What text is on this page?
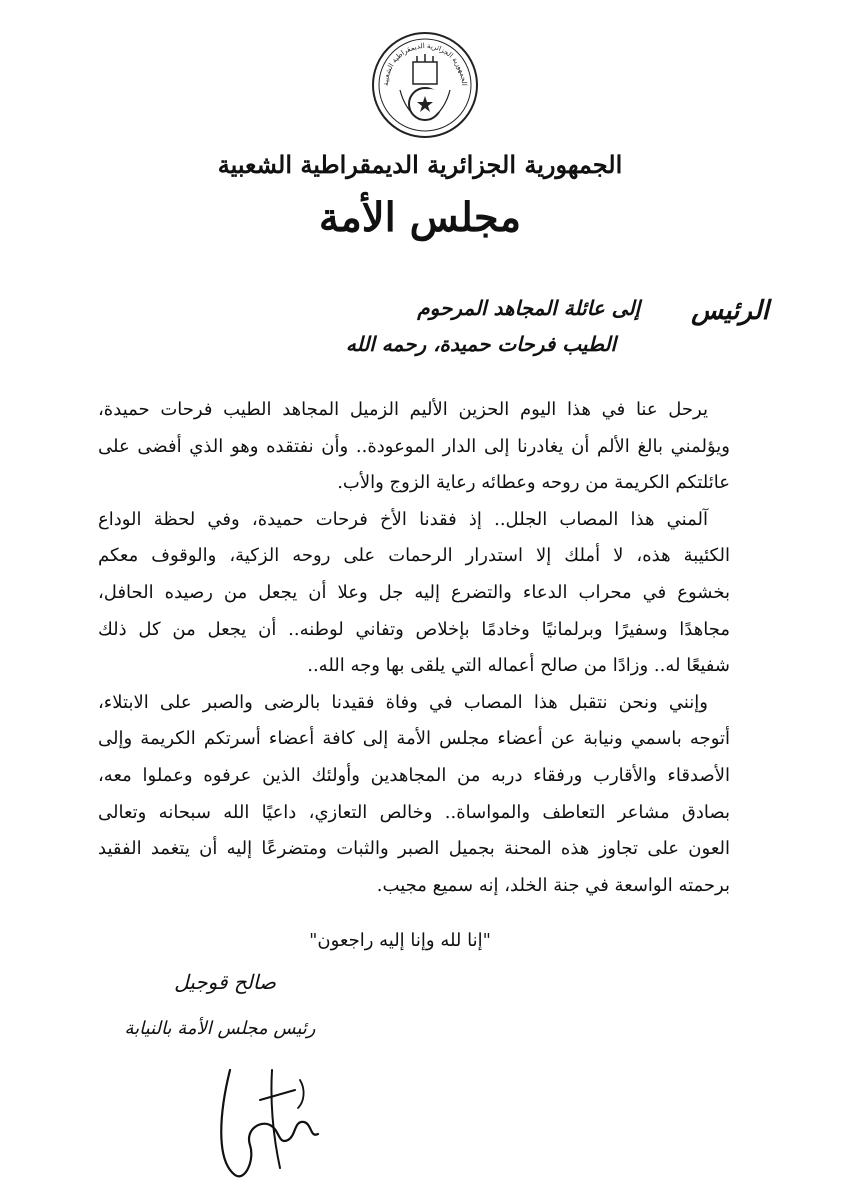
الجمهورية الجزائرية الديمقراطية الشعبية
الجمهورية الجزائرية الديمقراطية الشعبية
مجلس الأمة
الرئيس
إلى عائلة المجاهد المرحوم
الطيب فرحات حميدة، رحمه الله
يرحل عنا في هذا اليوم الحزين الأليم الزميل المجاهد الطيب فرحات حميدة،
ويؤلمني بالغ الألم أن يغادرنا إلى الدار الموعودة.. وأن نفتقده وهو الذي أفضى على
عائلتكم الكريمة من روحه وعطائه رعاية الزوج والأب.
آلمني هذا المصاب الجلل.. إذ فقدنا الأخ فرحات حميدة، وفي لحظة الوداع
الكئيبة هذه، لا أملك إلا استدرار الرحمات على روحه الزكية، والوقوف معكم
بخشوع في محراب الدعاء والتضرع إليه جل وعلا أن يجعل من رصيده الحافل،
مجاهدًا وسفيرًا وبرلمانيًا وخادمًا بإخلاص وتفاني لوطنه.. أن يجعل من كل ذلك
شفيعًا له.. وزادًا من صالح أعماله التي يلقى بها وجه الله..
وإنني ونحن نتقبل هذا المصاب في وفاة فقيدنا بالرضى والصبر على الابتلاء،
أتوجه باسمي ونيابة عن أعضاء مجلس الأمة إلى كافة أعضاء أسرتكم الكريمة وإلى
الأصدقاء والأقارب ورفقاء دربه من المجاهدين وأولئك الذين عرفوه وعملوا معه،
بصادق مشاعر التعاطف والمواساة.. وخالص التعازي، داعيًا الله سبحانه وتعالى
العون على تجاوز هذه المحنة بجميل الصبر والثبات ومتضرعًا إليه أن يتغمد الفقيد
برحمته الواسعة في جنة الخلد، إنه سميع مجيب.
"إنا لله وإنا إليه راجعون"
صالح قوجيل
رئيس مجلس الأمة بالنيابة
